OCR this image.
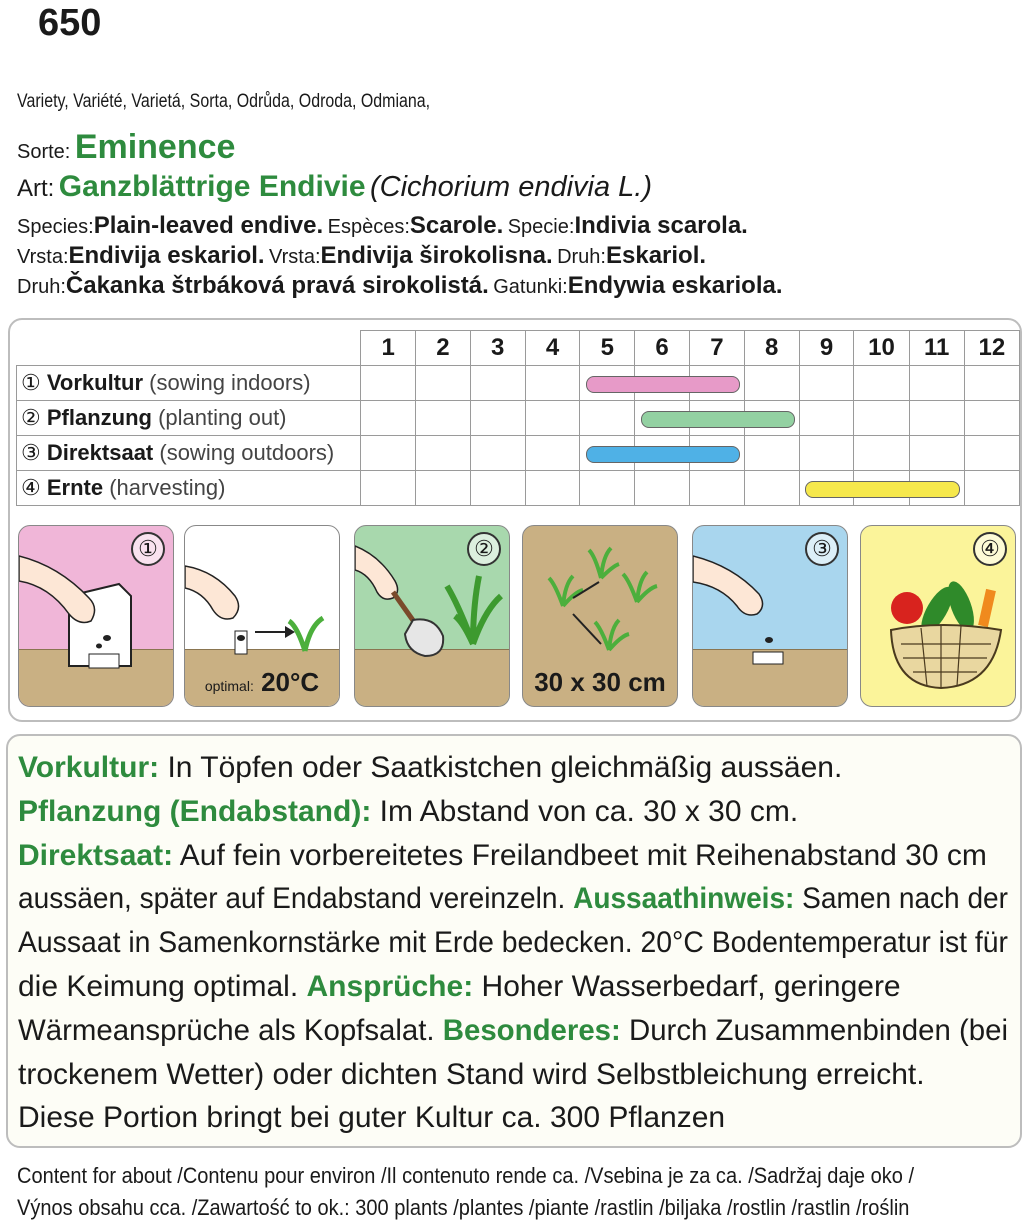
650
Variety, Variété, Varietá, Sorta, Odrůda, Odroda, Odmiana,
Sorte: Eminence
Art: Ganzblättrige Endivie (Cichorium endivia L.)
Species:Plain-leaved endive. Espèces:Scarole. Specie:Indivia scarola.
Vrsta:Endivija eskariol. Vrsta:Endivija širokolisna. Druh:Eskariol.
Druh:Čakanka štrbáková pravá sirokolistá. Gatunki:Endywia eskariola.
	1	2	3	4	5	6	7	8	9	10	11	12
① Vorkultur (sowing indoors)												
② Pflanzung (planting out)												
③ Direktsaat (sowing outdoors)												
④ Ernte (harvesting)												
①
optimal: 20°C
②
30 x 30 cm
③	④
Vorkultur: In Töpfen oder Saatkistchen gleichmäßig aussäen.
Pflanzung (Endabstand): Im Abstand von ca. 30 x 30 cm.
Direktsaat: Auf fein vorbereitetes Freilandbeet mit Reihenabstand 30 cm
aussäen, später auf Endabstand vereinzeln. Aussaathinweis: Samen nach der
Aussaat in Samenkornstärke mit Erde bedecken. 20°C Bodentemperatur ist für
die Keimung optimal. Ansprüche: Hoher Wasserbedarf, geringere
Wärmeansprüche als Kopfsalat. Besonderes: Durch Zusammenbinden (bei
trockenem Wetter) oder dichten Stand wird Selbstbleichung erreicht.
Diese Portion bringt bei guter Kultur ca. 300 Pflanzen
Content for about /Contenu pour environ /Il contenuto rende ca. /Vsebina je za ca. /Sadržaj daje oko /
Výnos obsahu cca. /Zawartość to ok.: 300 plants /plantes /piante /rastlin /biljaka /rostlin /rastlin /roślin
